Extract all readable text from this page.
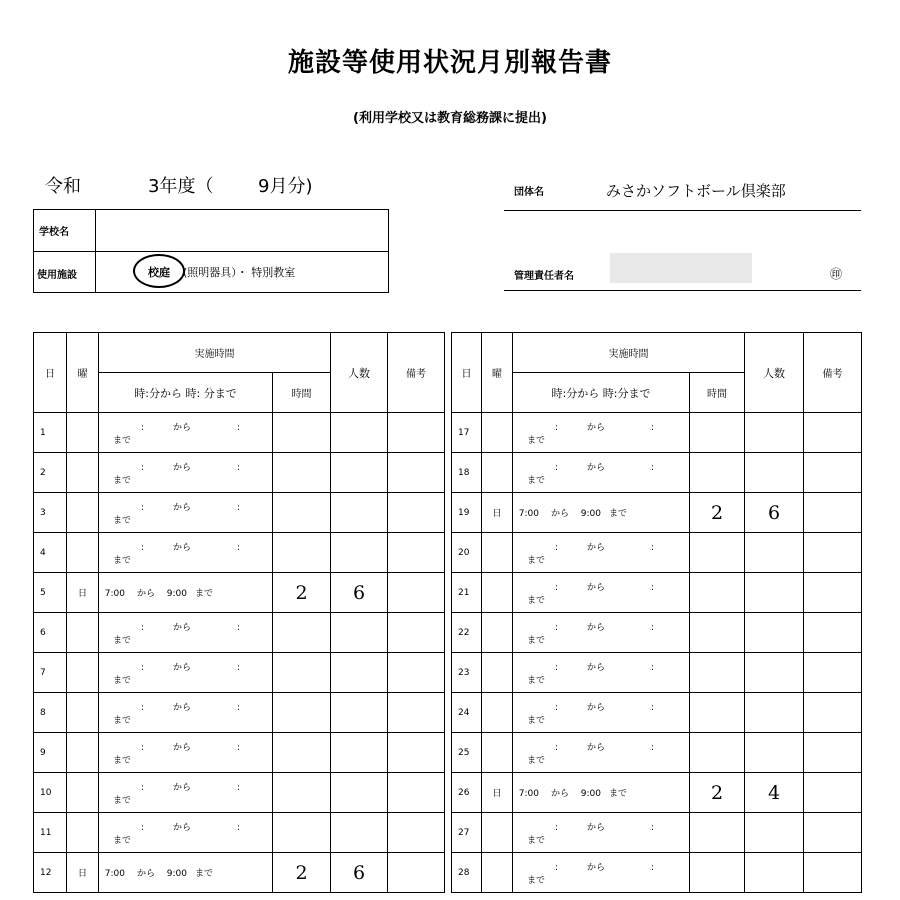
施設等使用状況月別報告書
(利用学校又は教育総務課に提出)
令和	3年度（ 9月分)	団体名	みさかソフトボール倶楽部
学校名
使用施設	校庭 (照明器具）・ 特別教室	管理責任者名	㊞
日	曜	実施時間		人数	備考
		時:分から 時: 分まで	時間		
1		: から :まで			
2		: から :まで			
3		: から :まで			
4		: から :まで			
5	日	7:00 から 9:00 まで	2	6	
6		: から :まで			
7		: から :まで			
8		: から :まで			
9		: から :まで			
10		: から :まで			
11		: から :まで			
12	日	7:00 から 9:00 まで	2	6	
日	曜	実施時間		人数	備考
		時:分から 時:分まで	時間		
17		: から :まで			
18		: から :まで			
19	日	7:00 から 9:00 まで	2	6	
20		: から :まで			
21		: から :まで			
22		: から :まで			
23		: から :まで			
24		: から :まで			
25		: から :まで			
26	日	7:00 から 9:00 まで	2	4	
27		: から :まで			
28		: から :まで			
